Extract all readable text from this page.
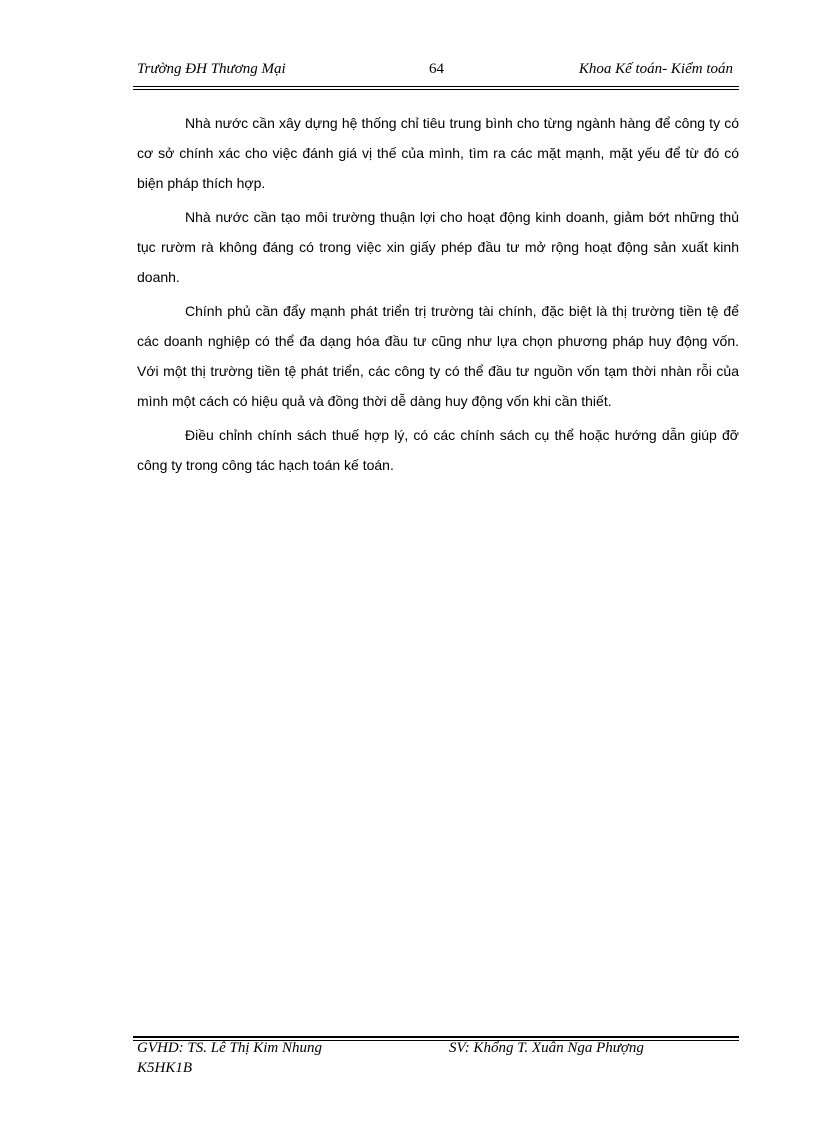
Trường ĐH Thương Mại	64	Khoa Kế toán- Kiểm toán

Nhà nước cần xây dựng hệ thống chỉ tiêu trung bình cho từng ngành hàng để công ty có cơ sở chính xác cho việc đánh giá vị thế của mình, tìm ra các mặt mạnh, mặt yếu để từ đó có biện pháp thích hợp.

Nhà nước cần tạo môi trường thuận lợi cho hoạt động kinh doanh, giảm bớt những thủ tục rườm rà không đáng có trong việc xin giấy phép đầu tư mở rộng hoạt động sản xuất kinh doanh.

Chính phủ cần đẩy mạnh phát triển trị trường tài chính, đặc biệt là thị trường tiền tệ để các doanh nghiệp có thể đa dạng hóa đầu tư cũng như lựa chọn phương pháp huy động vốn. Với một thị trường tiền tệ phát triển, các công ty có thể đầu tư nguồn vốn tạm thời nhàn rỗi của mình một cách có hiệu quả và đồng thời dễ dàng huy động vốn khi cần thiết.

Điều chỉnh chính sách thuế hợp lý, có các chính sách cụ thể hoặc hướng dẫn giúp đỡ công ty trong công tác hạch toán kế toán.

GVHD: TS. Lê Thị Kim Nhung	SV: Khổng T. Xuân Nga Phượng
K5HK1B
